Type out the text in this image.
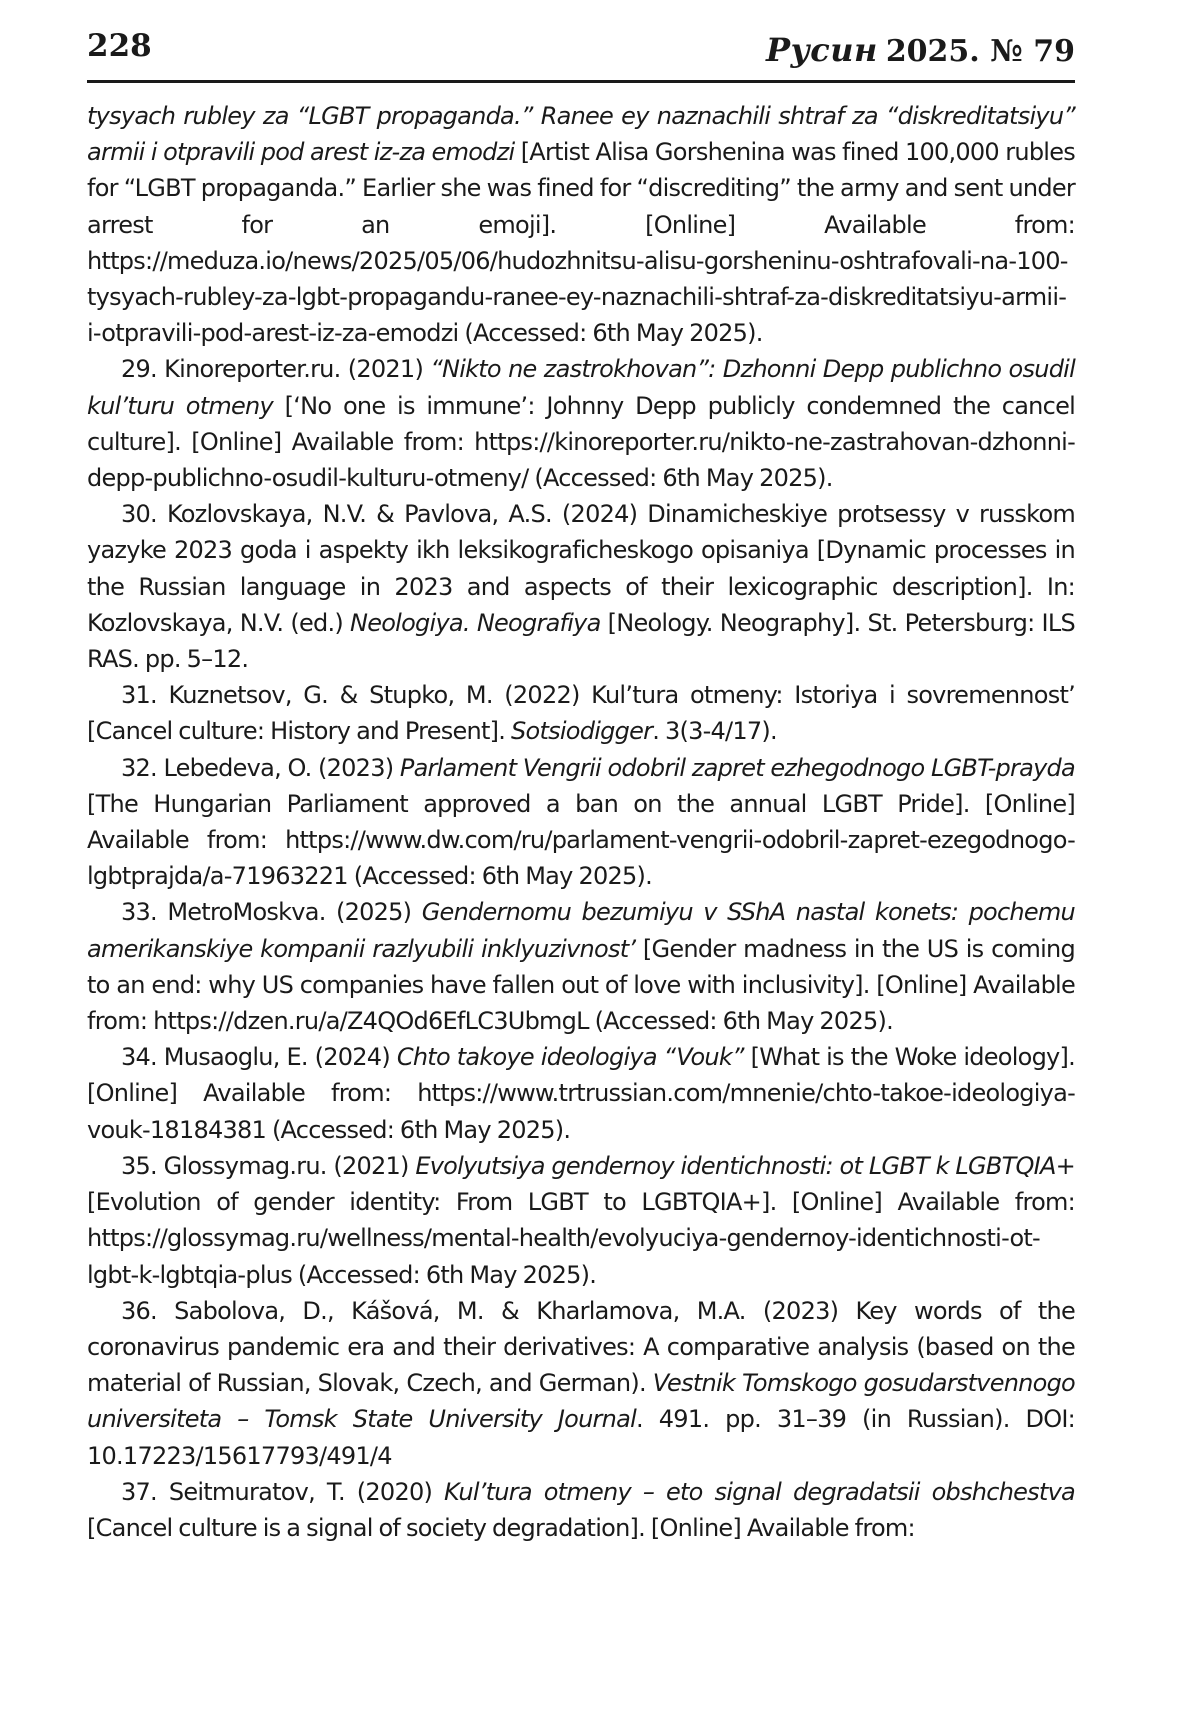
228	Русин 2025. № 79

tysyach rubley za “LGBT propaganda.” Ranee ey naznachili shtraf za “diskreditatsiyu” armii i otpravili pod arest iz-za emodzi [Artist Alisa Gorshenina was fined 100,000 rubles for “LGBT propaganda.” Earlier she was fined for “discrediting” the army and sent under arrest for an emoji]. [Online] Available from: https://meduza.io/news/2025/05/06/hudozhnitsu-alisu-gorsheninu-oshtrafovali-na-100-tysyach-rubley-za-lgbt-propagandu-ranee-ey-naznachili-shtraf-za-diskreditatsiyu-armii-i-otpravili-pod-arest-iz-za-emodzi (Accessed: 6th May 2025).

29. Kinoreporter.ru. (2021) “Nikto ne zastrokhovan”: Dzhonni Depp publichno osudil kul’turu otmeny [‘No one is immune’: Johnny Depp publicly condemned the cancel culture]. [Online] Available from: https://kinoreporter.ru/nikto-ne-zastrahovan-dzhonni-depp-publichno-osudil-kulturu-otmeny/ (Accessed: 6th May 2025).

30. Kozlovskaya, N.V. & Pavlova, A.S. (2024) Dinamicheskiye protsessy v russkom yazyke 2023 goda i aspekty ikh leksikograficheskogo opisaniya [Dynamic processes in the Russian language in 2023 and aspects of their lexicographic description]. In: Kozlovskaya, N.V. (ed.) Neologiya. Neografiya [Neology. Neography]. St. Petersburg: ILS RAS. pp. 5–12.

31. Kuznetsov, G. & Stupko, M. (2022) Kul’tura otmeny: Istoriya i sovremennost’ [Cancel culture: History and Present]. Sotsiodigger. 3(3-4/17).

32. Lebedeva, O. (2023) Parlament Vengrii odobril zapret ezhegodnogo LGBT-prayda [The Hungarian Parliament approved a ban on the annual LGBT Pride]. [Online] Available from: https://www.dw.com/ru/parlament-vengrii-odobril-zapret-ezegodnogo-lgbtprajda/a-71963221 (Accessed: 6th May 2025).

33. MetroMoskva. (2025) Gendernomu bezumiyu v SShA nastal konets: pochemu amerikanskiye kompanii razlyubili inklyuzivnost’ [Gender madness in the US is coming to an end: why US companies have fallen out of love with inclusivity]. [Online] Available from: https://dzen.ru/a/Z4QOd6EfLC3UbmgL (Accessed: 6th May 2025).

34. Musaoglu, E. (2024) Chto takoye ideologiya “Vouk” [What is the Woke ideology]. [Online] Available from: https://www.trtrussian.com/mnenie/chto-takoe-ideologiya-vouk-18184381 (Accessed: 6th May 2025).

35. Glossymag.ru. (2021) Evolyutsiya gendernoy identichnosti: ot LGBT k LGBTQIA+ [Evolution of gender identity: From LGBT to LGBTQIA+]. [Online] Available from: https://glossymag.ru/wellness/mental-health/evolyuciya-gendernoy-identichnosti-ot-lgbt-k-lgbtqia-plus (Accessed: 6th May 2025).

36. Sabolova, D., Kášová, M. & Kharlamova, M.A. (2023) Key words of the coronavirus pandemic era and their derivatives: A comparative analysis (based on the material of Russian, Slovak, Czech, and German). Vestnik Tomskogo gosudarstvennogo universiteta – Tomsk State University Journal. 491. pp. 31–39 (in Russian). DOI: 10.17223/15617793/491/4

37. Seitmuratov, T. (2020) Kul’tura otmeny – eto signal degradatsii obshchestva [Cancel culture is a signal of society degradation]. [Online] Available from:
